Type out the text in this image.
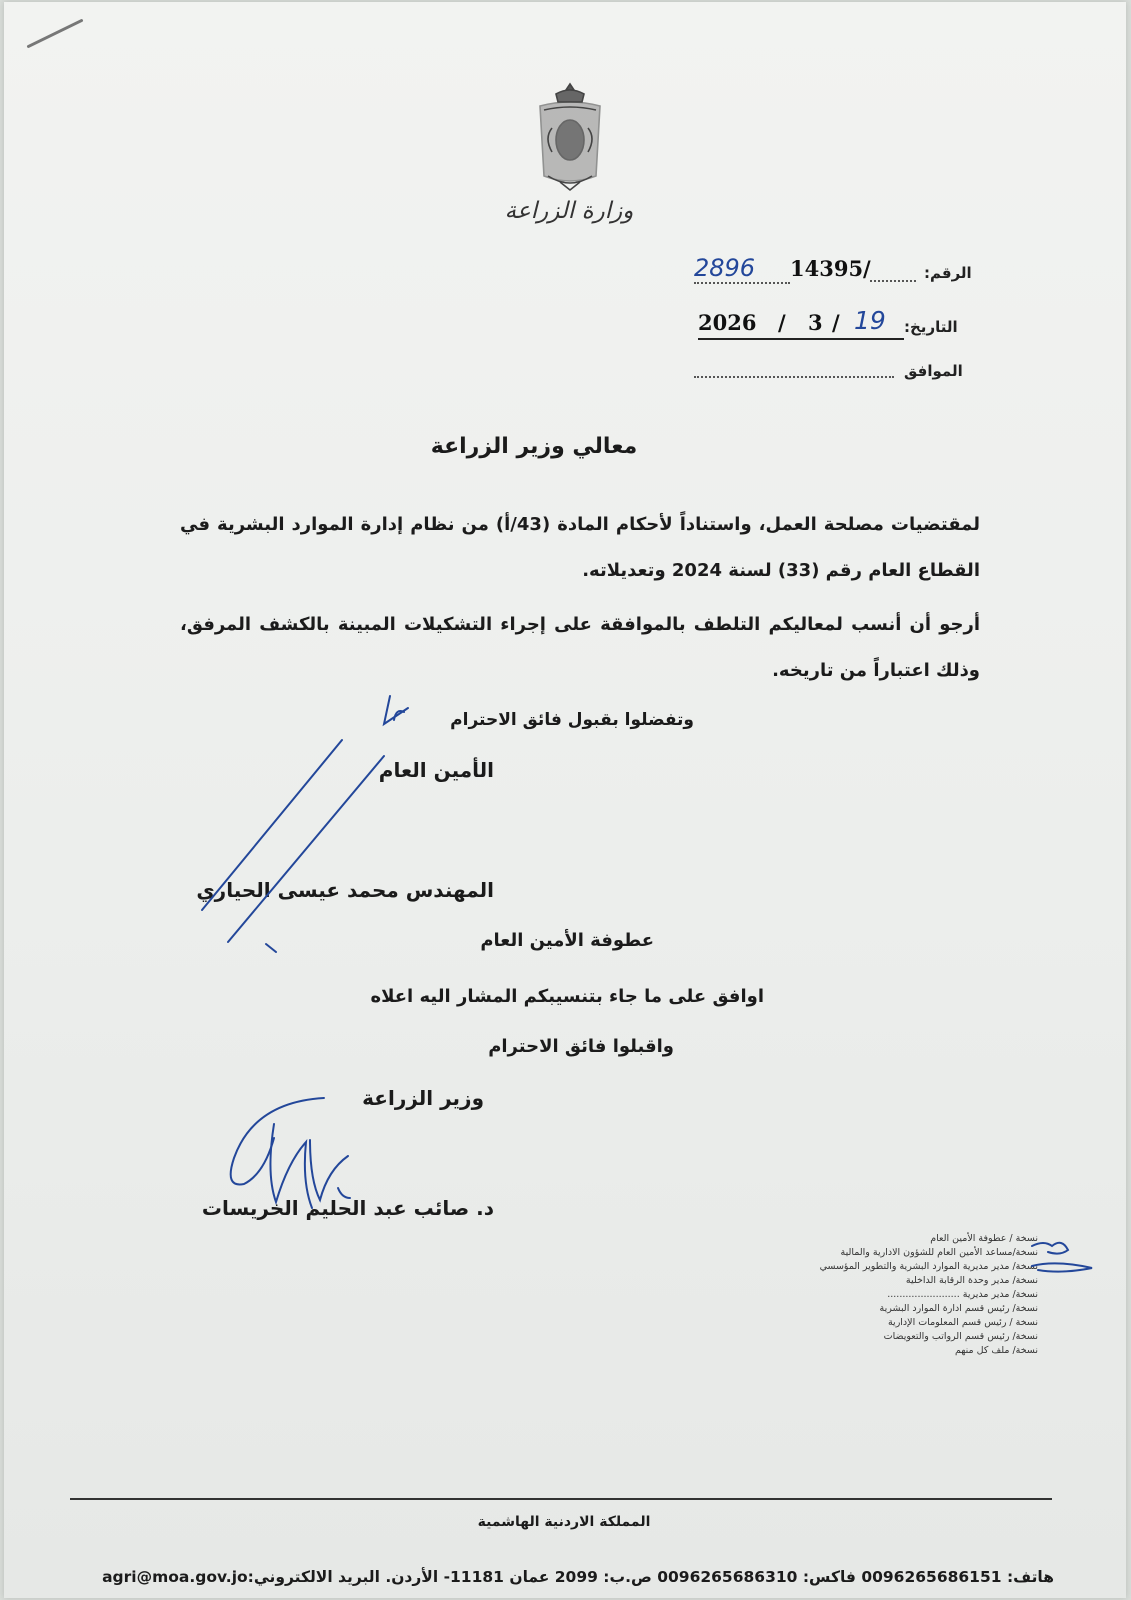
وزارة الزراعة
الرقم:
2896	14395/
التاريخ:
2026 / 3 / 19
الموافق
معالي وزير الزراعة
لمقتضيات مصلحة العمل، واستناداً لأحكام المادة (43/أ) من نظام إدارة الموارد البشرية في القطاع العام رقم (33) لسنة 2024 وتعديلاته.
أرجو أن أنسب لمعاليكم التلطف بالموافقة على إجراء التشكيلات المبينة بالكشف المرفق، وذلك اعتباراً من تاريخه.
وتفضلوا بقبول فائق الاحترام
الأمين العام
المهندس محمد عيسى الحياري
عطوفة الأمين العام
اوافق على ما جاء بتنسيبكم المشار اليه اعلاه
واقبلوا فائق الاحترام
وزير الزراعة
د. صائب عبد الحليم الخريسات
نسخة / عطوفة الأمين العام
نسخة/مساعد الأمين العام للشؤون الادارية والمالية
نسخة/ مدير مديرية الموارد البشرية والتطوير المؤسسي
نسخة/ مدير وحدة الرقابة الداخلية
نسخة/ مدير مديرية ........................
نسخة/ رئيس قسم ادارة الموارد البشرية
نسخة / رئيس قسم المعلومات الإدارية
نسخة/ رئيس قسم الرواتب والتعويضات
نسخة/ ملف كل منهم
المملكة الاردنية الهاشمية
هاتف: 0096265686151 فاكس: 0096265686310 ص.ب: 2099 عمان 11181- الأردن. البريد الالكتروني:agri@moa.gov.jo
